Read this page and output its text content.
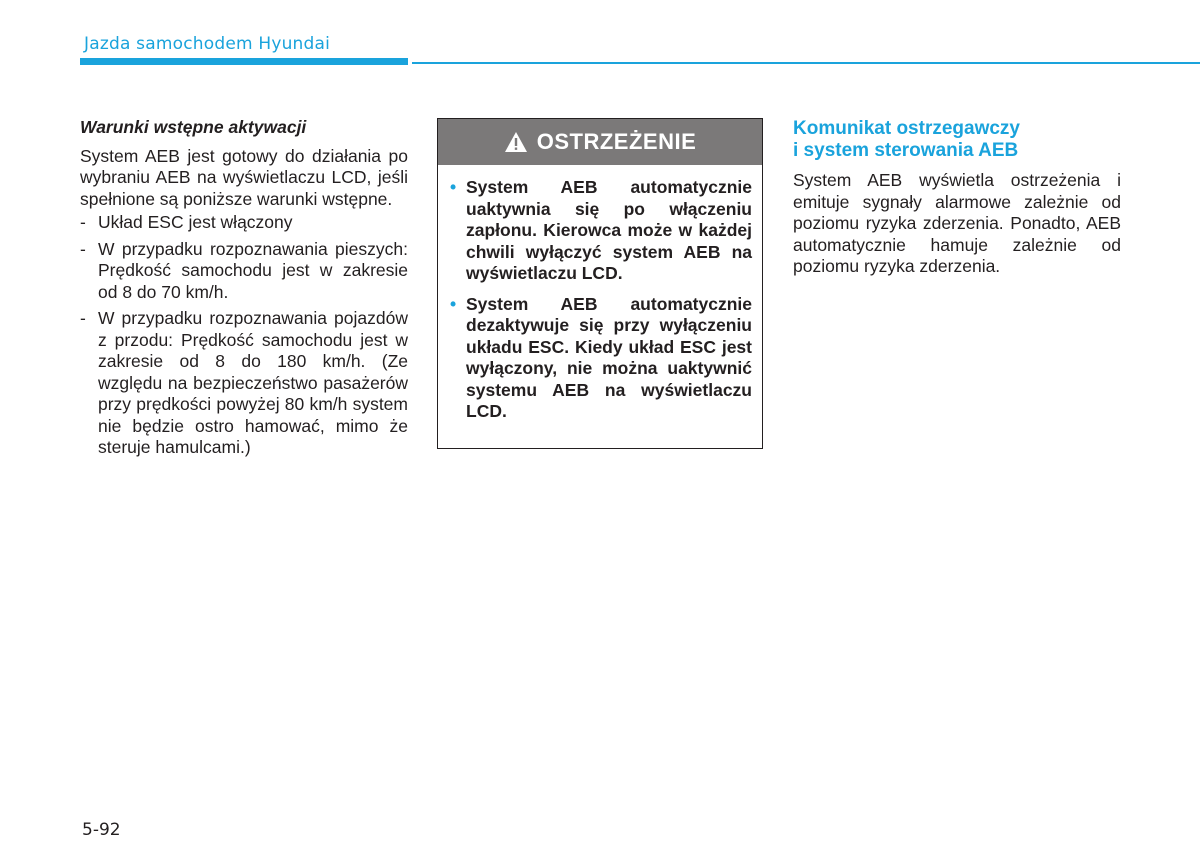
Jazda samochodem Hyundai
Warunki wstępne aktywacji
System AEB jest gotowy do działania po wybraniu AEB na wyświetlaczu LCD, jeśli spełnione są poniższe warunki wstępne.
- Układ ESC jest włączony
- W przypadku rozpoznawania pieszych: Prędkość samochodu jest w zakresie od 8 do 70 km/h.
- W przypadku rozpoznawania pojazdów z przodu: Prędkość samochodu jest w zakresie od 8 do 180 km/h. (Ze względu na bezpieczeństwo pasażerów przy prędkości powyżej 80 km/h system nie będzie ostro hamować, mimo że steruje hamulcami.)
OSTRZEŻENIE
• System AEB automatycznie uaktywnia się po włączeniu zapłonu. Kierowca może w każdej chwili wyłączyć system AEB na wyświetlaczu LCD.
• System AEB automatycznie dezaktywuje się przy wyłączeniu układu ESC. Kiedy układ ESC jest wyłączony, nie można uaktywnić systemu AEB na wyświetlaczu LCD.
Komunikat ostrzegawczy
i system sterowania AEB
System AEB wyświetla ostrzeżenia i emituje sygnały alarmowe zależnie od poziomu ryzyka zderzenia. Ponadto, AEB automatycznie hamuje zależnie od poziomu ryzyka zderzenia.
5-92
